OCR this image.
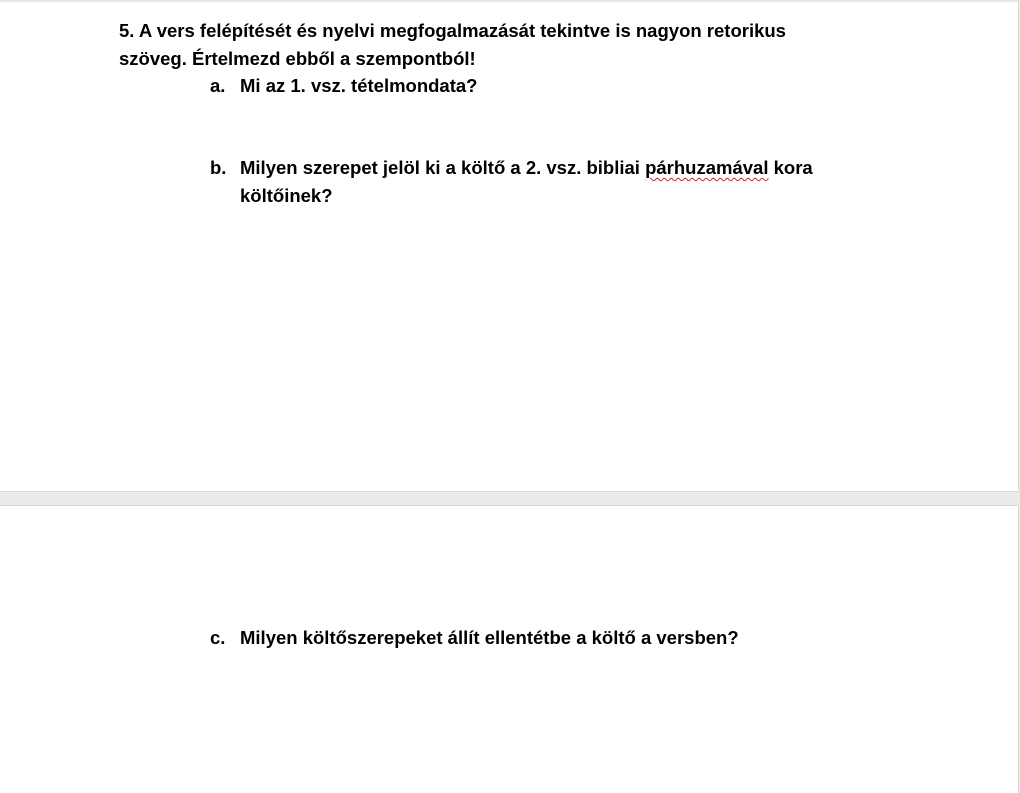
5. A vers felépítését és nyelvi megfogalmazását tekintve is nagyon retorikus

szöveg. Értelmezd ebből a szempontból!

a. Mi az 1. vsz. tételmondata?

b. Milyen szerepet jelöl ki a költő a 2. vsz. bibliai párhuzamával kora

költőinek?

c. Milyen költőszerepeket állít ellentétbe a költő a versben?
